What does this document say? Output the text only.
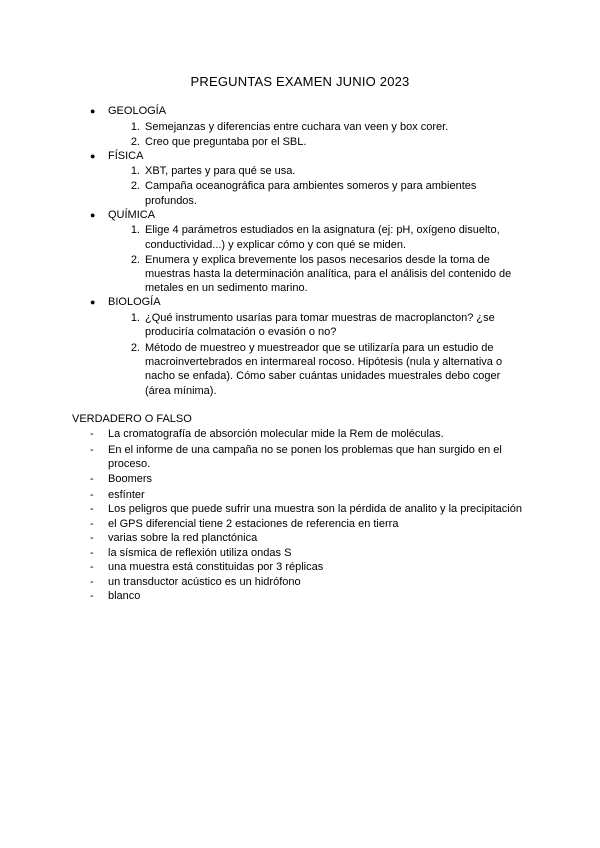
PREGUNTAS EXAMEN JUNIO 2023
● GEOLOGÍA
1. Semejanzas y diferencias entre cuchara van veen y box corer.
2. Creo que preguntaba por el SBL.
● FÍSICA
1. XBT, partes y para qué se usa.
2. Campaña oceanográfica para ambientes someros y para ambientes
profundos.
● QUÍMICA
1. Elige 4 parámetros estudiados en la asignatura (ej: pH, oxígeno disuelto,
conductividad...) y explicar cómo y con qué se miden.
2. Enumera y explica brevemente los pasos necesarios desde la toma de
muestras hasta la determinación analítica, para el análisis del contenido de
metales en un sedimento marino.
● BIOLOGÍA
1. ¿Qué instrumento usarías para tomar muestras de macroplancton? ¿se
produciría colmatación o evasión o no?
2. Método de muestreo y muestreador que se utilizaría para un estudio de
macroinvertebrados en intermareal rocoso. Hipótesis (nula y alternativa o
nacho se enfada). Cómo saber cuántas unidades muestrales debo coger
(área mínima).
VERDADERO O FALSO
- La cromatografía de absorción molecular mide la Rem de moléculas.
- En el informe de una campaña no se ponen los problemas que han surgido en el
proceso.
- Boomers
- esfínter
- Los peligros que puede sufrir una muestra son la pérdida de analito y la precipitación
- el GPS diferencial tiene 2 estaciones de referencia en tierra
- varias sobre la red planctónica
- la sísmica de reflexión utiliza ondas S
- una muestra está constituidas por 3 réplicas
- un transductor acústico es un hidrófono
- blanco
